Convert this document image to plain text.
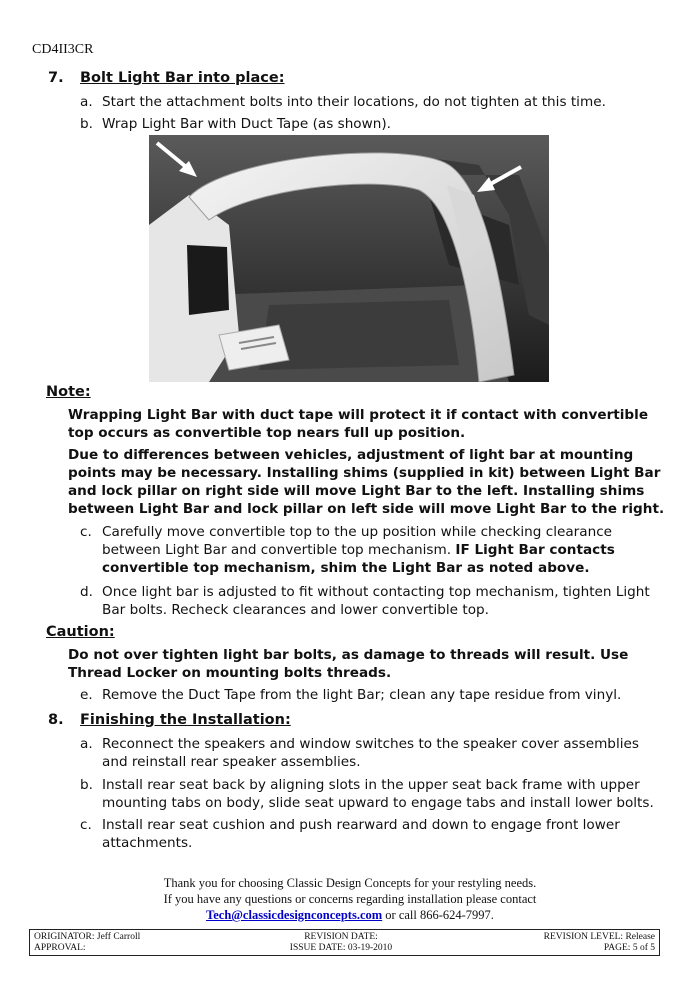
CD4II3CR
7. Bolt Light Bar into place:
a. Start the attachment bolts into their locations, do not tighten at this time.
b. Wrap Light Bar with Duct Tape (as shown).
Note:
Wrapping Light Bar with duct tape will protect it if contact with convertible top occurs as convertible top nears full up position.
Due to differences between vehicles, adjustment of light bar at mounting points may be necessary. Installing shims (supplied in kit) between Light Bar and lock pillar on right side will move Light Bar to the left. Installing shims between Light Bar and lock pillar on left side will move Light Bar to the right.
c. Carefully move convertible top to the up position while checking clearance between Light Bar and convertible top mechanism. IF Light Bar contacts convertible top mechanism, shim the Light Bar as noted above.
d. Once light bar is adjusted to fit without contacting top mechanism, tighten Light Bar bolts. Recheck clearances and lower convertible top.
Caution:
Do not over tighten light bar bolts, as damage to threads will result. Use Thread Locker on mounting bolts threads.
e. Remove the Duct Tape from the light Bar; clean any tape residue from vinyl.
8. Finishing the Installation:
a. Reconnect the speakers and window switches to the speaker cover assemblies and reinstall rear speaker assemblies.
b. Install rear seat back by aligning slots in the upper seat back frame with upper mounting tabs on body, slide seat upward to engage tabs and install lower bolts.
c. Install rear seat cushion and push rearward and down to engage front lower attachments.
Thank you for choosing Classic Design Concepts for your restyling needs.
If you have any questions or concerns regarding installation please contact
Tech@classicdesignconcepts.com or call 866-624-7997.
ORIGINATOR: Jeff Carroll
APPROVAL:
REVISION DATE:
ISSUE DATE: 03-19-2010
REVISION LEVEL: Release
PAGE: 5 of 5
